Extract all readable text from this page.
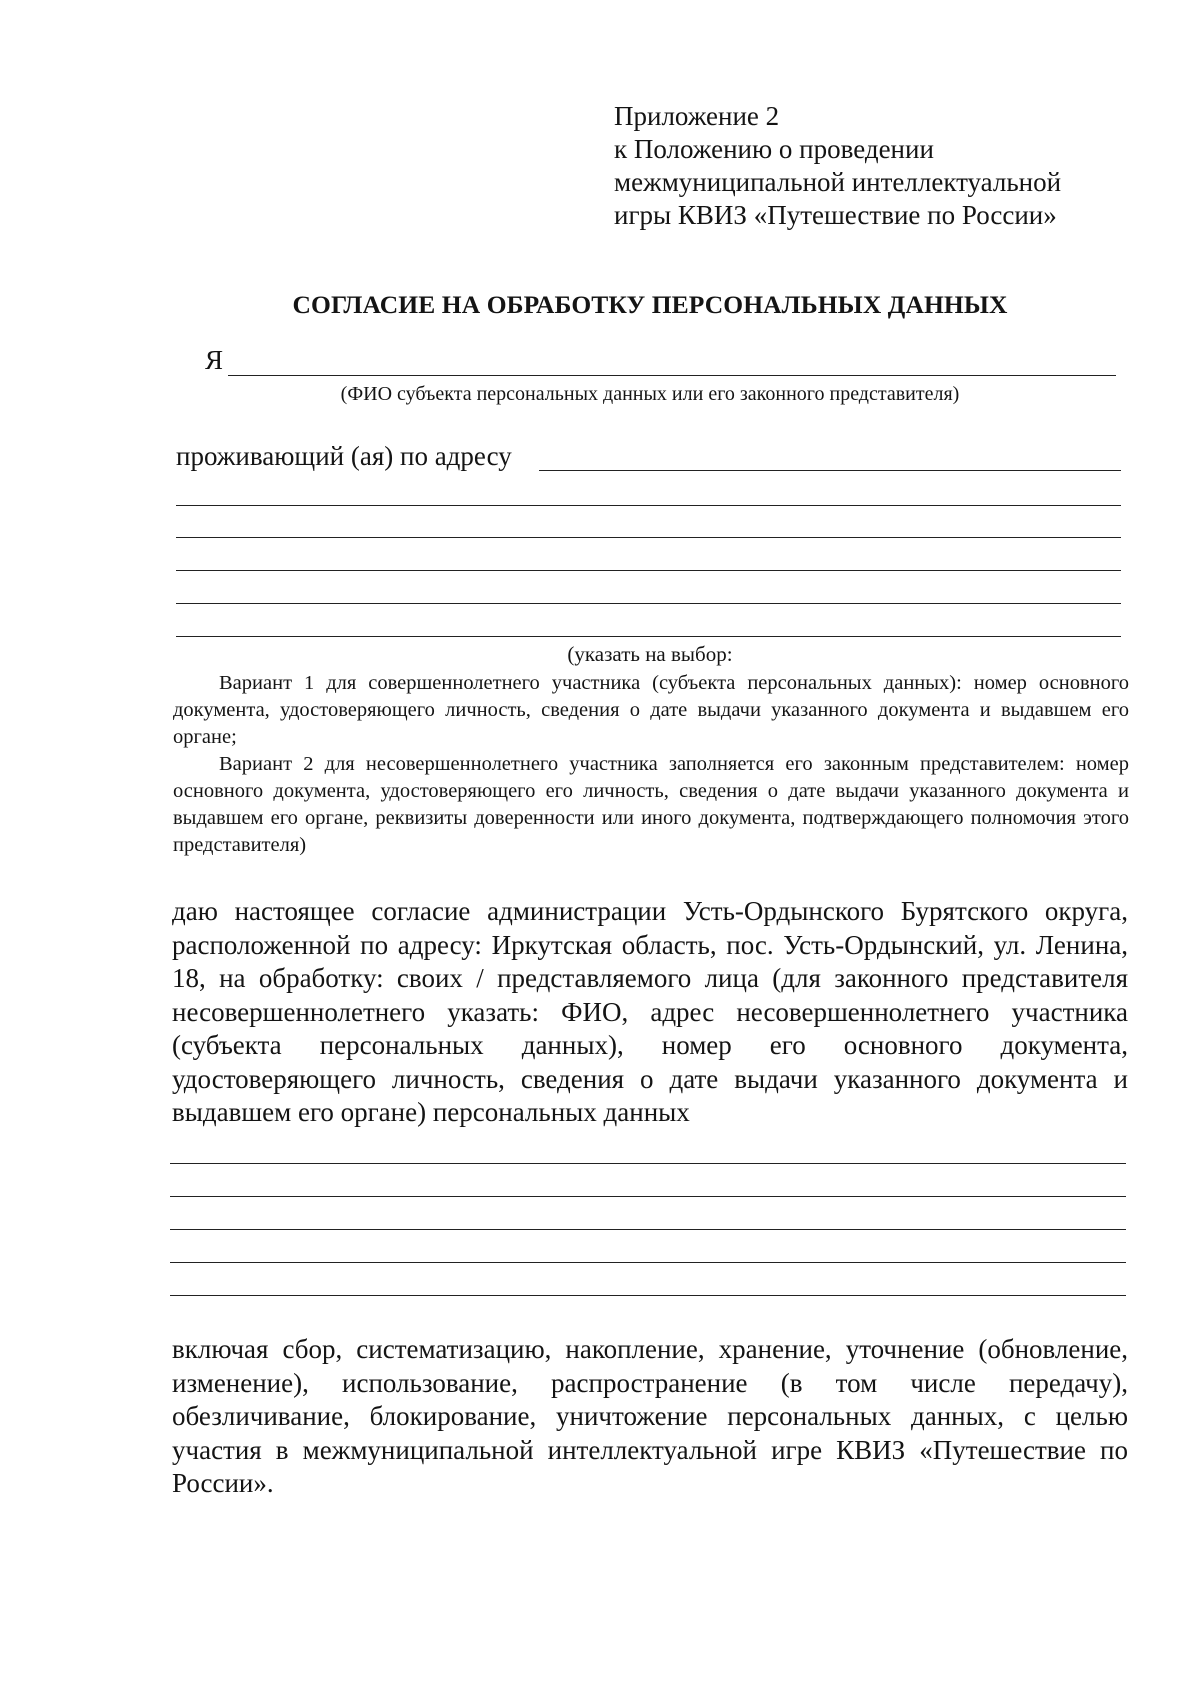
Приложение 2
к Положению о проведении
межмуниципальной интеллектуальной
игры КВИЗ «Путешествие по России»
СОГЛАСИЕ НА ОБРАБОТКУ ПЕРСОНАЛЬНЫХ ДАННЫХ
Я
(ФИО субъекта персональных данных или его законного представителя)
проживающий (ая) по адресу
(указать на выбор:
Вариант 1 для совершеннолетнего участника (субъекта персональных данных): номер основного документа, удостоверяющего личность, сведения о дате выдачи указанного документа и выдавшем его органе;
Вариант 2 для несовершеннолетнего участника заполняется его законным представителем: номер основного документа, удостоверяющего его личность, сведения о дате выдачи указанного документа и выдавшем его органе, реквизиты доверенности или иного документа, подтверждающего полномочия этого представителя)
даю настоящее согласие администрации Усть-Ордынского Бурятского округа, расположенной по адресу: Иркутская область, пос. Усть-Ордынский, ул. Ленина, 18, на обработку: своих / представляемого лица (для законного представителя несовершеннолетнего указать: ФИО, адрес несовершеннолетнего участника (субъекта персональных данных), номер его основного документа, удостоверяющего личность, сведения о дате выдачи указанного документа и выдавшем его органе) персональных данных
включая сбор, систематизацию, накопление, хранение, уточнение (обновление, изменение), использование, распространение (в том числе передачу), обезличивание, блокирование, уничтожение персональных данных, с целью участия в межмуниципальной интеллектуальной игре КВИЗ «Путешествие по России».
